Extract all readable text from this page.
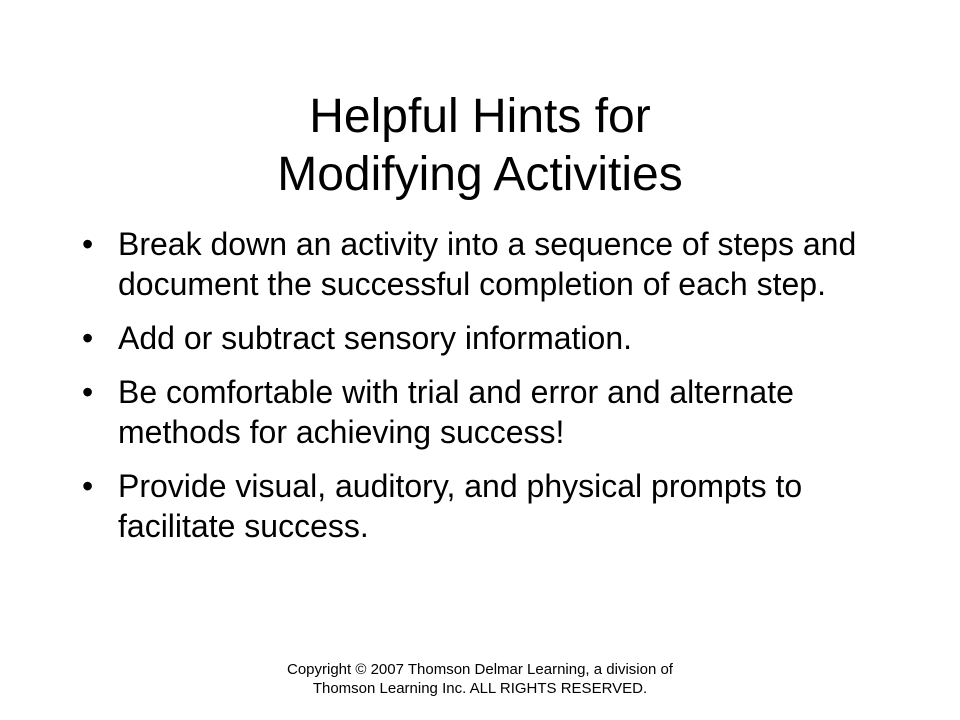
Helpful Hints for
Modifying Activities
• Break down an activity into a sequence of steps and document the successful completion of each step.
• Add or subtract sensory information.
• Be comfortable with trial and error and alternate methods for achieving success!
• Provide visual, auditory, and physical prompts to facilitate success.
Copyright © 2007 Thomson Delmar Learning, a division of
Thomson Learning Inc. ALL RIGHTS RESERVED.
